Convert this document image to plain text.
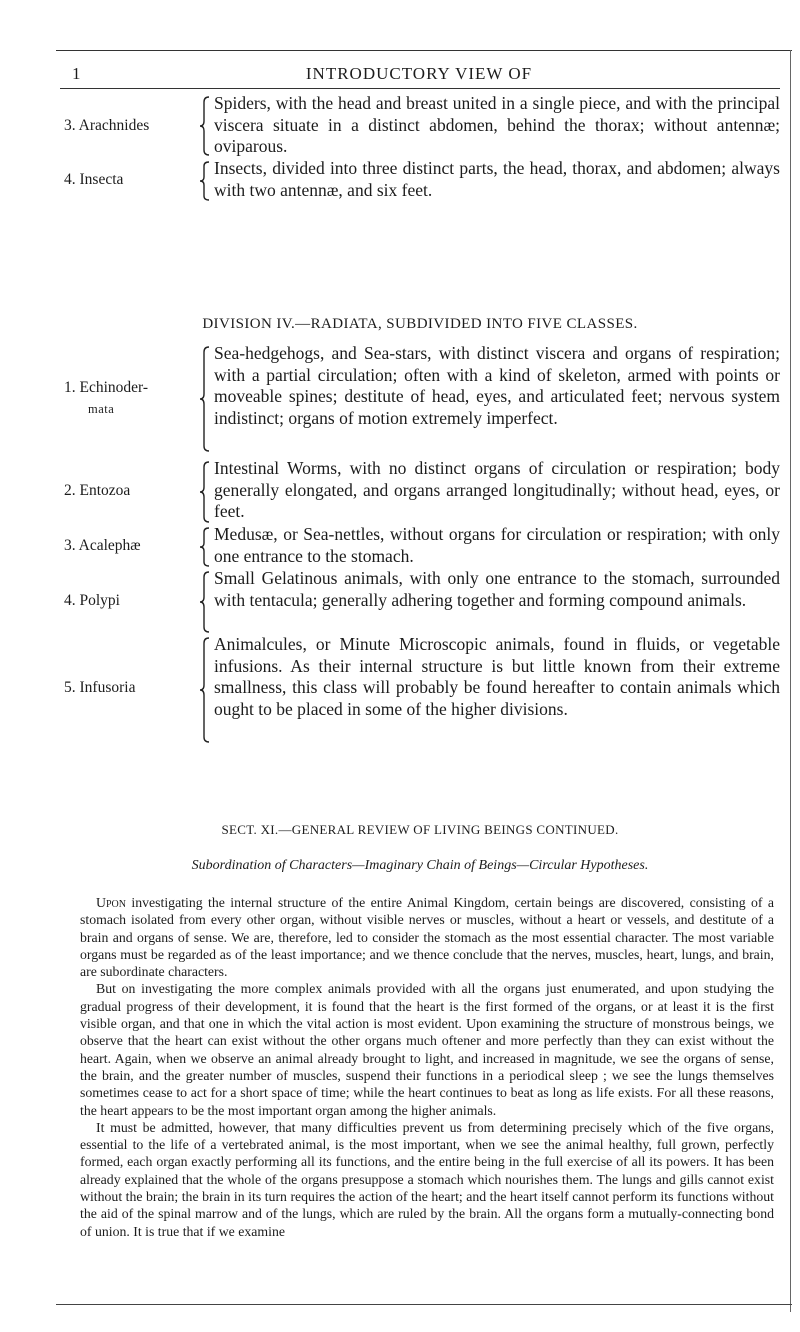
1	INTRODUCTORY VIEW OF
3. Arachnides
Spiders, with the head and breast united in a single piece, and with the principal viscera situate in a distinct abdomen, behind the thorax; without antennæ; oviparous.
4. Insecta
Insects, divided into three distinct parts, the head, thorax, and abdomen; always with two antennæ, and six feet.
DIVISION IV.—RADIATA, SUBDIVIDED INTO FIVE CLASSES.
1. Echinoder-
mata
Sea-hedgehogs, and Sea-stars, with distinct viscera and organs of respiration; with a partial circulation; often with a kind of skeleton, armed with points or moveable spines; destitute of head, eyes, and articulated feet; nervous system indistinct; organs of motion extremely imperfect.
2. Entozoa
Intestinal Worms, with no distinct organs of circulation or respiration; body generally elongated, and organs arranged longitudinally; without head, eyes, or feet.
3. Acalephæ
Medusæ, or Sea-nettles, without organs for circulation or respiration; with only one entrance to the stomach.
4. Polypi
Small Gelatinous animals, with only one entrance to the stomach, surrounded with tentacula; generally adhering together and forming compound animals.
5. Infusoria
Animalcules, or Minute Microscopic animals, found in fluids, or vegetable infusions. As their internal structure is but little known from their extreme smallness, this class will probably be found hereafter to contain animals which ought to be placed in some of the higher divisions.
SECT. XI.—GENERAL REVIEW OF LIVING BEINGS CONTINUED.
Subordination of Characters—Imaginary Chain of Beings—Circular Hypotheses.

Upon investigating the internal structure of the entire Animal Kingdom, certain beings are discovered, consisting of a stomach isolated from every other organ, without visible nerves or muscles, without a heart or vessels, and destitute of a brain and organs of sense. We are, therefore, led to consider the stomach as the most essential character. The most variable organs must be regarded as of the least importance; and we thence conclude that the nerves, muscles, heart, lungs, and brain, are subordinate characters.

But on investigating the more complex animals provided with all the organs just enumerated, and upon studying the gradual progress of their development, it is found that the heart is the first formed of the organs, or at least it is the first visible organ, and that one in which the vital action is most evident. Upon examining the structure of monstrous beings, we observe that the heart can exist without the other organs much oftener and more perfectly than they can exist without the heart. Again, when we observe an animal already brought to light, and increased in magnitude, we see the organs of sense, the brain, and the greater number of muscles, suspend their functions in a periodical sleep ; we see the lungs themselves sometimes cease to act for a short space of time; while the heart continues to beat as long as life exists. For all these reasons, the heart appears to be the most important organ among the higher animals.

It must be admitted, however, that many difficulties prevent us from determining precisely which of the five organs, essential to the life of a vertebrated animal, is the most important, when we see the animal healthy, full grown, perfectly formed, each organ exactly performing all its functions, and the entire being in the full exercise of all its powers. It has been already explained that the whole of the organs presuppose a stomach which nourishes them. The lungs and gills cannot exist without the brain; the brain in its turn requires the action of the heart; and the heart itself cannot perform its functions without the aid of the spinal marrow and of the lungs, which are ruled by the brain. All the organs form a mutually-connecting bond of union. It is true that if we examine
